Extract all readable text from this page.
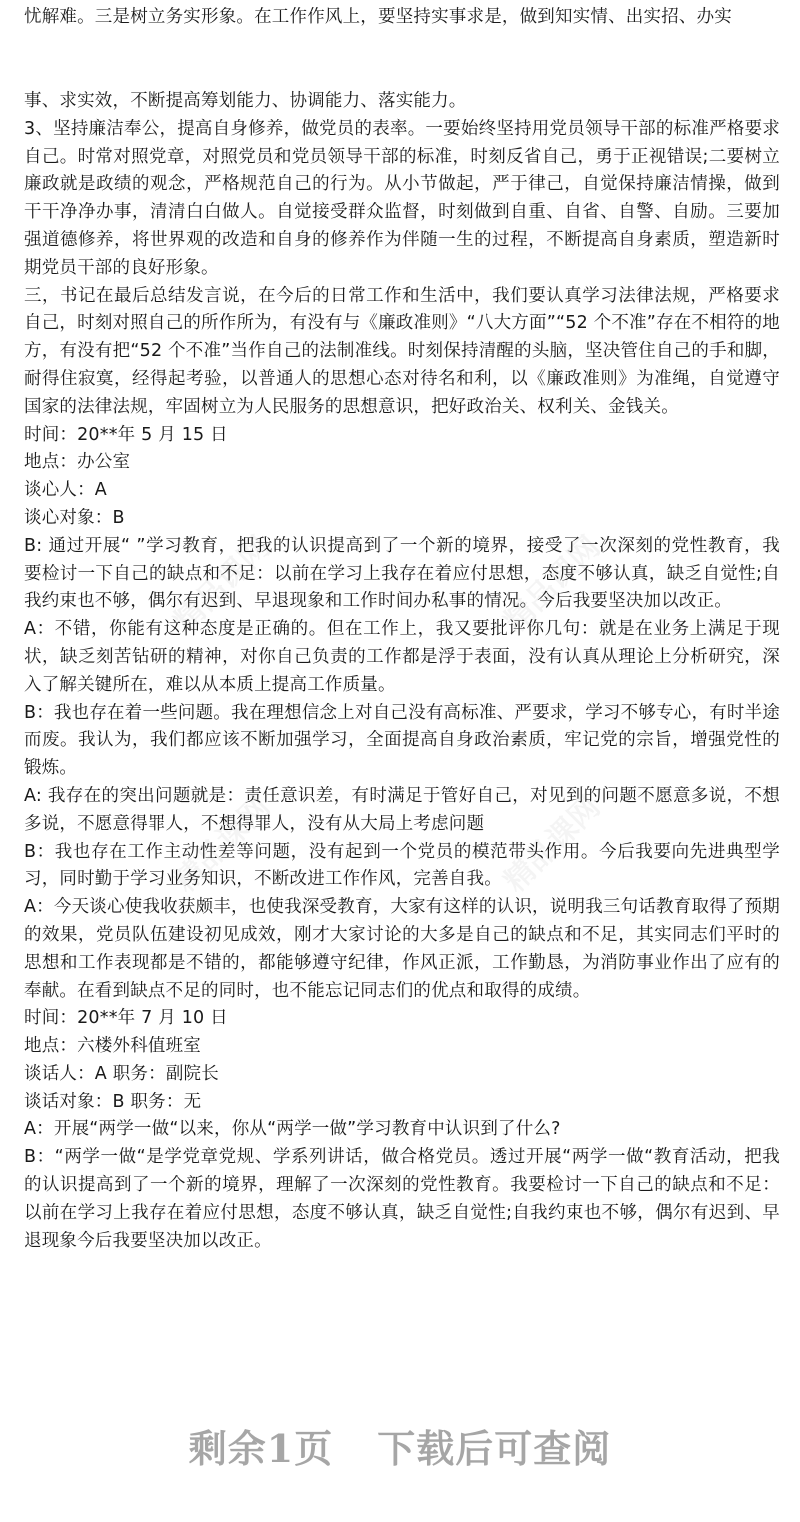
忧解难。三是树立务实形象。在工作作风上，要坚持实事求是，做到知实情、出实招、办实

事、求实效，不断提高筹划能力、协调能力、落实能力。

3、坚持廉洁奉公，提高自身修养，做党员的表率。一要始终坚持用党员领导干部的标准严格要求自己。时常对照党章，对照党员和党员领导干部的标准，时刻反省自己，勇于正视错误;二要树立廉政就是政绩的观念，严格规范自己的行为。从小节做起，严于律己，自觉保持廉洁情操，做到干干净净办事，清清白白做人。自觉接受群众监督，时刻做到自重、自省、自警、自励。三要加强道德修养，将世界观的改造和自身的修养作为伴随一生的过程，不断提高自身素质，塑造新时期党员干部的良好形象。

三，书记在最后总结发言说，在今后的日常工作和生活中，我们要认真学习法律法规，严格要求自己，时刻对照自己的所作所为，有没有与《廉政准则》“八大方面”“52 个不准”存在不相符的地方，有没有把“52 个不准”当作自己的法制准线。时刻保持清醒的头脑，坚决管住自己的手和脚，耐得住寂寞，经得起考验，以普通人的思想心态对待名和利，以《廉政准则》为准绳，自觉遵守国家的法律法规，牢固树立为人民服务的思想意识，把好政治关、权利关、金钱关。

时间：20**年 5 月 15 日

地点：办公室

谈心人：A

谈心对象：B

B: 通过开展“ ”学习教育，把我的认识提高到了一个新的境界，接受了一次深刻的党性教育，我要检讨一下自己的缺点和不足：以前在学习上我存在着应付思想，态度不够认真，缺乏自觉性;自我约束也不够，偶尔有迟到、早退现象和工作时间办私事的情况。今后我要坚决加以改正。

A：不错，你能有这种态度是正确的。但在工作上，我又要批评你几句：就是在业务上满足于现状，缺乏刻苦钻研的精神，对你自己负责的工作都是浮于表面，没有认真从理论上分析研究，深入了解关键所在，难以从本质上提高工作质量。

B：我也存在着一些问题。我在理想信念上对自己没有高标准、严要求，学习不够专心，有时半途而废。我认为，我们都应该不断加强学习，全面提高自身政治素质，牢记党的宗旨，增强党性的锻炼。

A: 我存在的突出问题就是：责任意识差，有时满足于管好自己，对见到的问题不愿意多说，不想多说，不愿意得罪人，不想得罪人，没有从大局上考虑问题

B：我也存在工作主动性差等问题，没有起到一个党员的模范带头作用。今后我要向先进典型学习，同时勤于学习业务知识，不断改进工作作风，完善自我。

A：今天谈心使我收获颇丰，也使我深受教育，大家有这样的认识，说明我三句话教育取得了预期的效果，党员队伍建设初见成效，刚才大家讨论的大多是自己的缺点和不足，其实同志们平时的思想和工作表现都是不错的，都能够遵守纪律，作风正派，工作勤恳，为消防事业作出了应有的奉献。在看到缺点不足的同时，也不能忘记同志们的优点和取得的成绩。

时间：20**年 7 月 10 日

地点：六楼外科值班室

谈话人：A 职务：副院长

谈话对象：B 职务：无

A：开展“两学一做“以来，你从“两学一做”学习教育中认识到了什么?

B：“两学一做“是学党章党规、学系列讲话，做合格党员。透过开展“两学一做“教育活动，把我的认识提高到了一个新的境界，理解了一次深刻的党性教育。我要检讨一下自己的缺点和不足：以前在学习上我存在着应付思想，态度不够认真，缺乏自觉性;自我约束也不够，偶尔有迟到、早退现象今后我要坚决加以改正。

剩余1页 下载后可查阅
